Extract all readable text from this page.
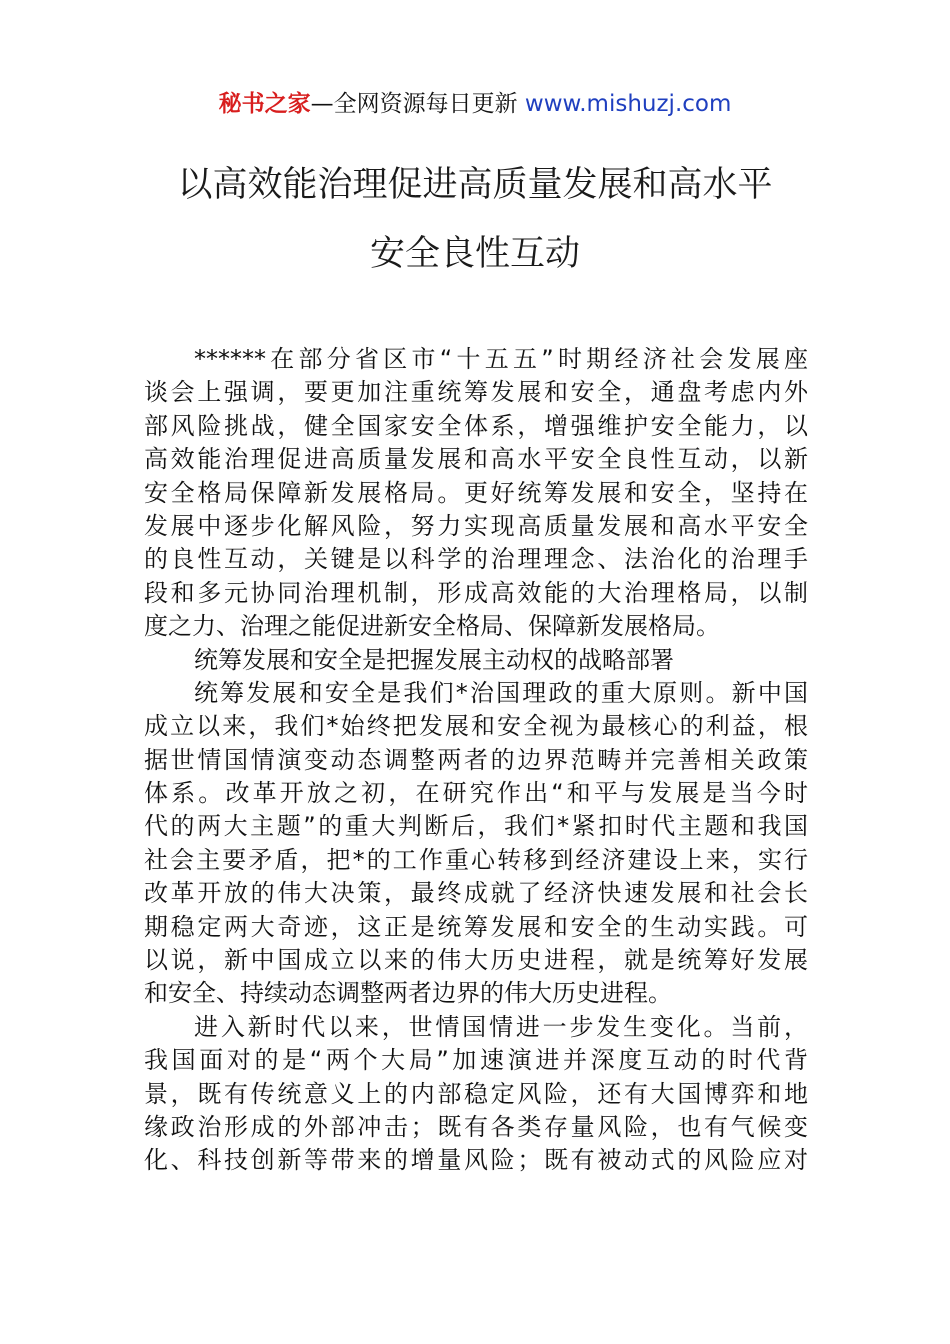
秘书之家—全网资源每日更新 www.mishuzj.com
以高效能治理促进高质量发展和高水平
安全良性互动
******在部分省区市“十五五”时期经济社会发展座
谈会上强调，要更加注重统筹发展和安全，通盘考虑内外
部风险挑战，健全国家安全体系，增强维护安全能力，以
高效能治理促进高质量发展和高水平安全良性互动，以新
安全格局保障新发展格局。更好统筹发展和安全，坚持在
发展中逐步化解风险，努力实现高质量发展和高水平安全
的良性互动，关键是以科学的治理理念、法治化的治理手
段和多元协同治理机制，形成高效能的大治理格局，以制
度之力、治理之能促进新安全格局、保障新发展格局。
统筹发展和安全是把握发展主动权的战略部署
统筹发展和安全是我们*治国理政的重大原则。新中国
成立以来，我们*始终把发展和安全视为最核心的利益，根
据世情国情演变动态调整两者的边界范畴并完善相关政策
体系。改革开放之初，在研究作出“和平与发展是当今时
代的两大主题”的重大判断后，我们*紧扣时代主题和我国
社会主要矛盾，把*的工作重心转移到经济建设上来，实行
改革开放的伟大决策，最终成就了经济快速发展和社会长
期稳定两大奇迹，这正是统筹发展和安全的生动实践。可
以说，新中国成立以来的伟大历史进程，就是统筹好发展
和安全、持续动态调整两者边界的伟大历史进程。
进入新时代以来，世情国情进一步发生变化。当前，
我国面对的是“两个大局”加速演进并深度互动的时代背
景，既有传统意义上的内部稳定风险，还有大国博弈和地
缘政治形成的外部冲击；既有各类存量风险，也有气候变
化、科技创新等带来的增量风险；既有被动式的风险应对
